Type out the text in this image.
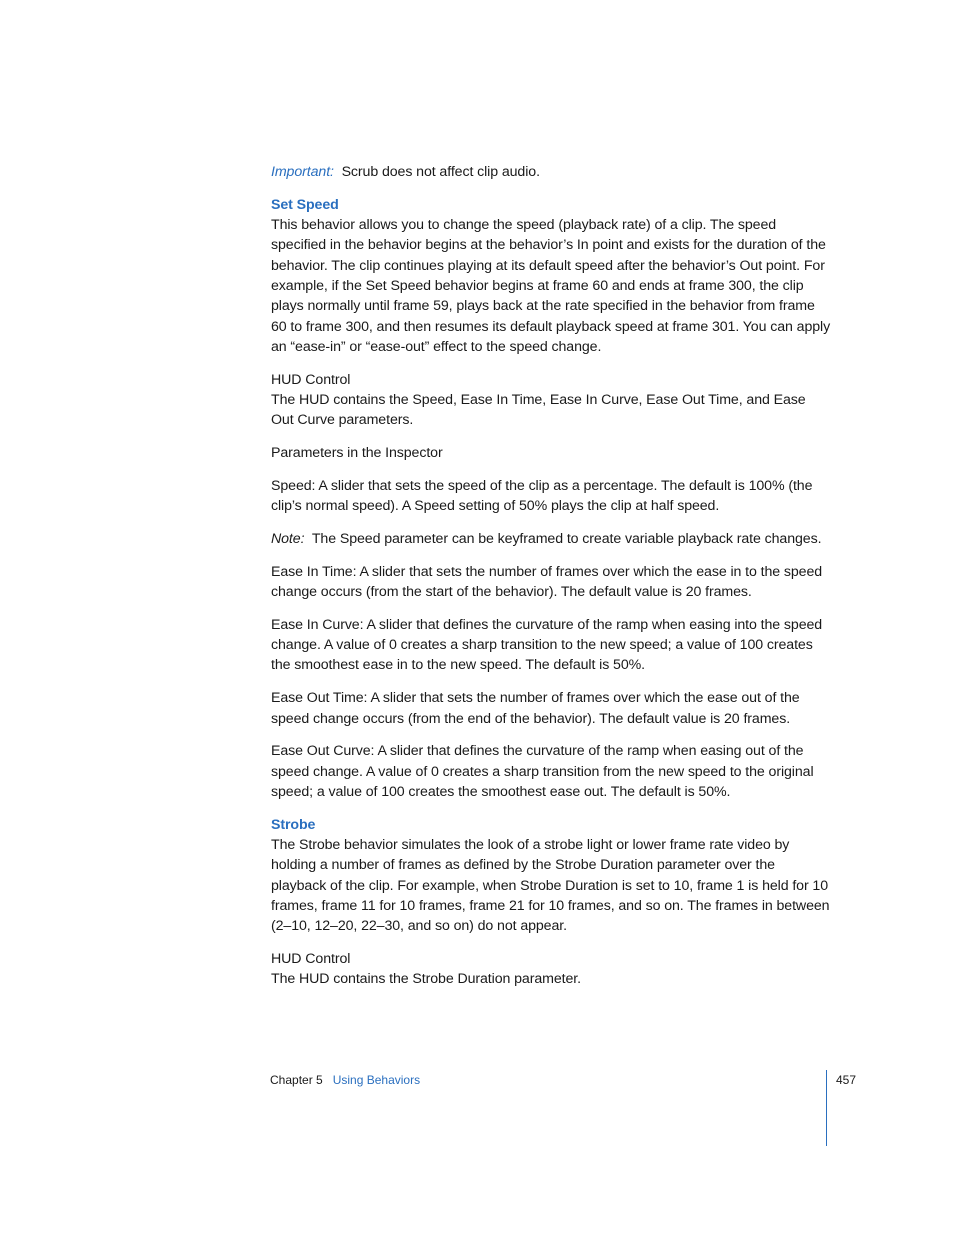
Important: Scrub does not affect clip audio.

Set Speed

This behavior allows you to change the speed (playback rate) of a clip. The speed specified in the behavior begins at the behavior’s In point and exists for the duration of the behavior. The clip continues playing at its default speed after the behavior’s Out point. For example, if the Set Speed behavior begins at frame 60 and ends at frame 300, the clip plays normally until frame 59, plays back at the rate specified in the behavior from frame 60 to frame 300, and then resumes its default playback speed at frame 301. You can apply an “ease-in” or “ease-out” effect to the speed change.

HUD Control

The HUD contains the Speed, Ease In Time, Ease In Curve, Ease Out Time, and Ease Out Curve parameters.

Parameters in the Inspector

Speed: A slider that sets the speed of the clip as a percentage. The default is 100% (the clip’s normal speed). A Speed setting of 50% plays the clip at half speed.

Note: The Speed parameter can be keyframed to create variable playback rate changes.

Ease In Time: A slider that sets the number of frames over which the ease in to the speed change occurs (from the start of the behavior). The default value is 20 frames.

Ease In Curve: A slider that defines the curvature of the ramp when easing into the speed change. A value of 0 creates a sharp transition to the new speed; a value of 100 creates the smoothest ease in to the new speed. The default is 50%.

Ease Out Time: A slider that sets the number of frames over which the ease out of the speed change occurs (from the end of the behavior). The default value is 20 frames.

Ease Out Curve: A slider that defines the curvature of the ramp when easing out of the speed change. A value of 0 creates a sharp transition from the new speed to the original speed; a value of 100 creates the smoothest ease out. The default is 50%.

Strobe

The Strobe behavior simulates the look of a strobe light or lower frame rate video by holding a number of frames as defined by the Strobe Duration parameter over the playback of the clip. For example, when Strobe Duration is set to 10, frame 1 is held for 10 frames, frame 11 for 10 frames, frame 21 for 10 frames, and so on. The frames in between (2–10, 12–20, 22–30, and so on) do not appear.

HUD Control

The HUD contains the Strobe Duration parameter.

Chapter 5 Using Behaviors	457
